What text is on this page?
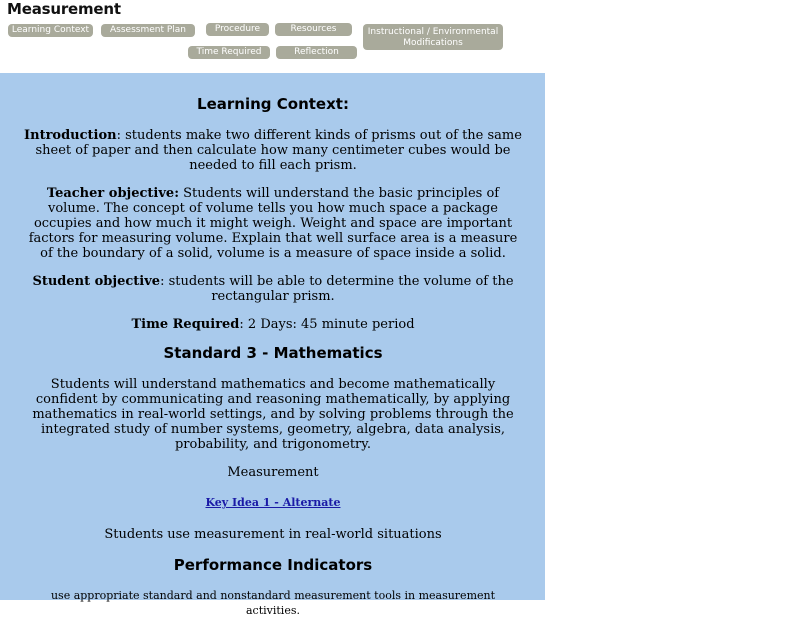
Measurement
Learning Context	Assessment Plan	Procedure	Resources	Instructional / Environmental
Modifications
Time Required	Reflection
Learning Context:

Introduction: students make two different kinds of prisms out of the same sheet of paper and then calculate how many centimeter cubes would be needed to fill each prism.

Teacher objective: Students will understand the basic principles of volume. The concept of volume tells you how much space a package occupies and how much it might weigh. Weight and space are important factors for measuring volume. Explain that well surface area is a measure of the boundary of a solid, volume is a measure of space inside a solid.

Student objective: students will be able to determine the volume of the rectangular prism.

Time Required: 2 Days: 45 minute period

Standard 3 - Mathematics

Students will understand mathematics and become mathematically confident by communicating and reasoning mathematically, by applying mathematics in real-world settings, and by solving problems through the integrated study of number systems, geometry, algebra, data analysis, probability, and trigonometry.

Measurement

Key Idea 1 - Alternate

Students use measurement in real-world situations

Performance Indicators

use appropriate standard and nonstandard measurement tools in measurement activities.
